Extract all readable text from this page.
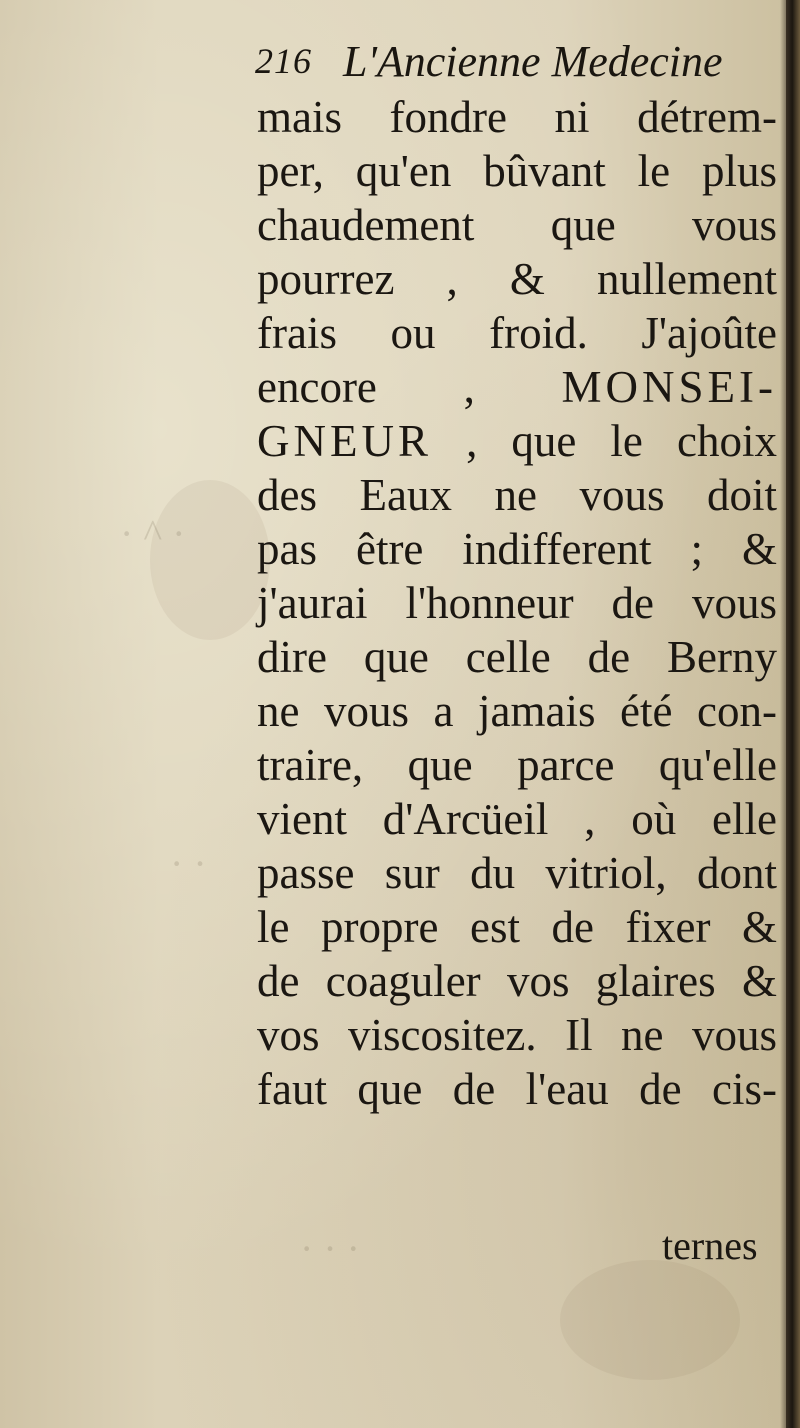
· ^ ·
· ·
· · ·
216 L'Ancienne Medecine
mais fondre ni détrem-
per, qu'en bûvant le plus
chaudement que vous
pourrez , & nullement
frais ou froid. J'ajoûte
encore , MONSEI-
GNEUR , que le choix
des Eaux ne vous doit
pas être indifferent ; &
j'aurai l'honneur de vous
dire que celle de Berny
ne vous a jamais été con-
traire, que parce qu'elle
vient d'Arcüeil , où elle
passe sur du vitriol, dont
le propre est de fixer &
de coaguler vos glaires &
vos viscositez. Il ne vous
faut que de l'eau de cis-
ternes
